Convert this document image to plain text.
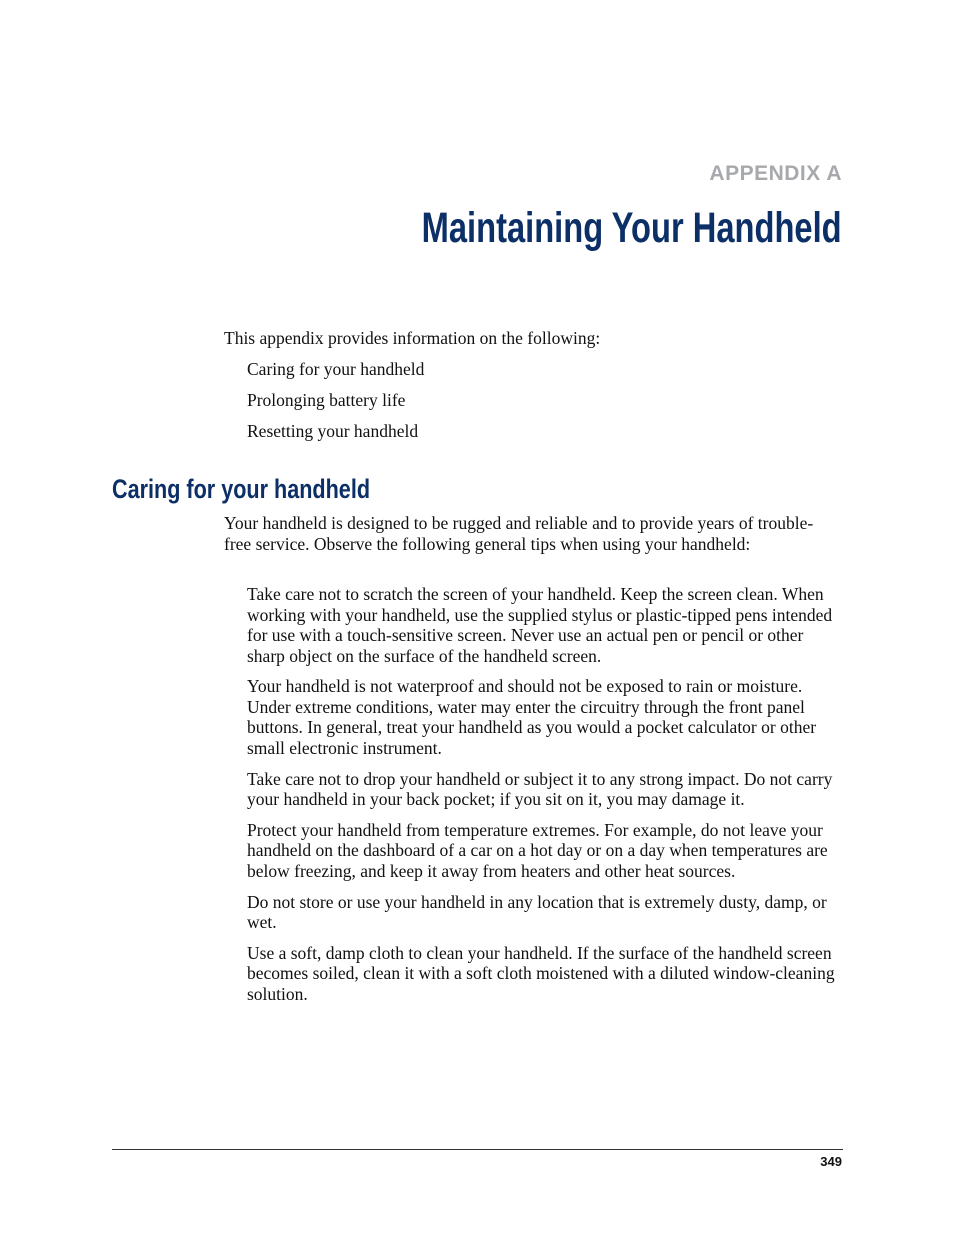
APPENDIX A

Maintaining Your Handheld

This appendix provides information on the following:

Caring for your handheld
Prolonging battery life
Resetting your handheld
Caring for your handheld

Your handheld is designed to be rugged and reliable and to provide years of trouble-free service. Observe the following general tips when using your handheld:

Take care not to scratch the screen of your handheld. Keep the screen clean. When working with your handheld, use the supplied stylus or plastic-tipped pens intended for use with a touch-sensitive screen. Never use an actual pen or pencil or other sharp object on the surface of the handheld screen.
Your handheld is not waterproof and should not be exposed to rain or moisture. Under extreme conditions, water may enter the circuitry through the front panel buttons. In general, treat your handheld as you would a pocket calculator or other small electronic instrument.
Take care not to drop your handheld or subject it to any strong impact. Do not carry your handheld in your back pocket; if you sit on it, you may damage it.
Protect your handheld from temperature extremes. For example, do not leave your handheld on the dashboard of a car on a hot day or on a day when temperatures are below freezing, and keep it away from heaters and other heat sources.
Do not store or use your handheld in any location that is extremely dusty, damp, or wet.
Use a soft, damp cloth to clean your handheld. If the surface of the handheld screen becomes soiled, clean it with a soft cloth moistened with a diluted window-cleaning solution.

349
